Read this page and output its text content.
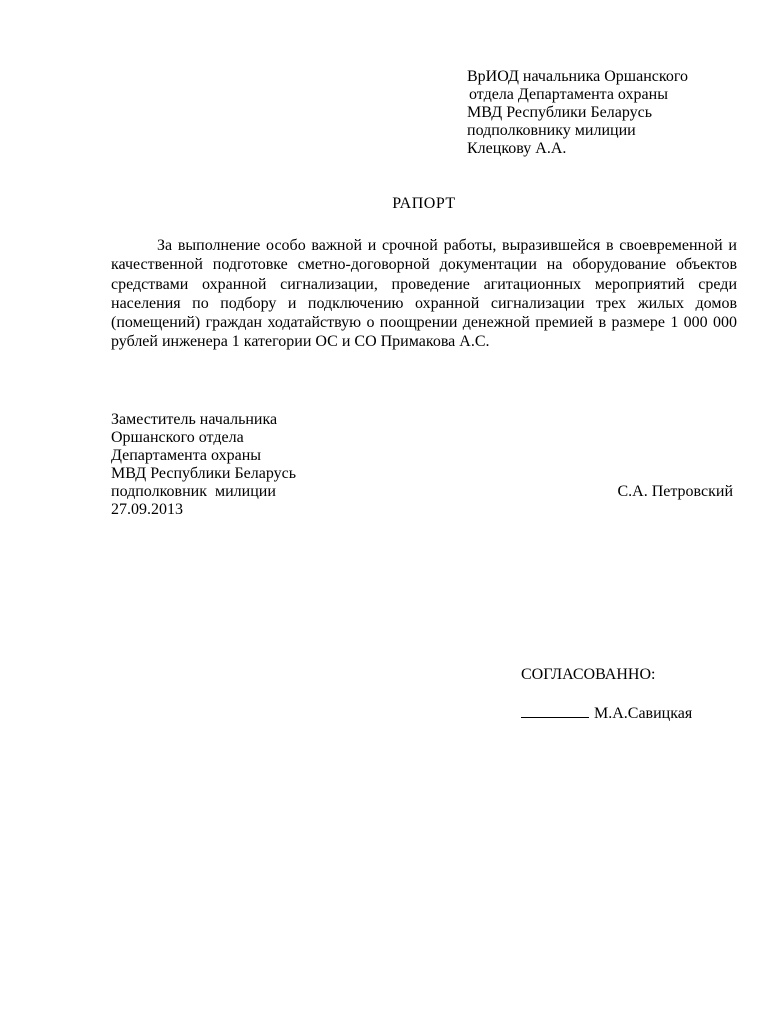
ВрИОД начальника Оршанского
отдела Департамента охраны
МВД Республики Беларусь
подполковнику милиции
Клецкову А.А.
РАПОРТ
За выполнение особо важной и срочной работы, выразившейся в своевременной и качественной подготовке сметно-договорной документации на оборудование объектов средствами охранной сигнализации, проведение агитационных мероприятий среди населения по подбору и подключению охранной сигнализации трех жилых домов (помещений) граждан ходатайствую о поощрении денежной премией в размере 1 000 000 рублей инженера 1 категории ОС и СО Примакова А.С.
Заместитель начальника
Оршанского отдела
Департамента охраны
МВД Республики Беларусь
подполковник  милиции	С.А. Петровский
27.09.2013
СОГЛАСОВАННО:
М.А.Савицкая
